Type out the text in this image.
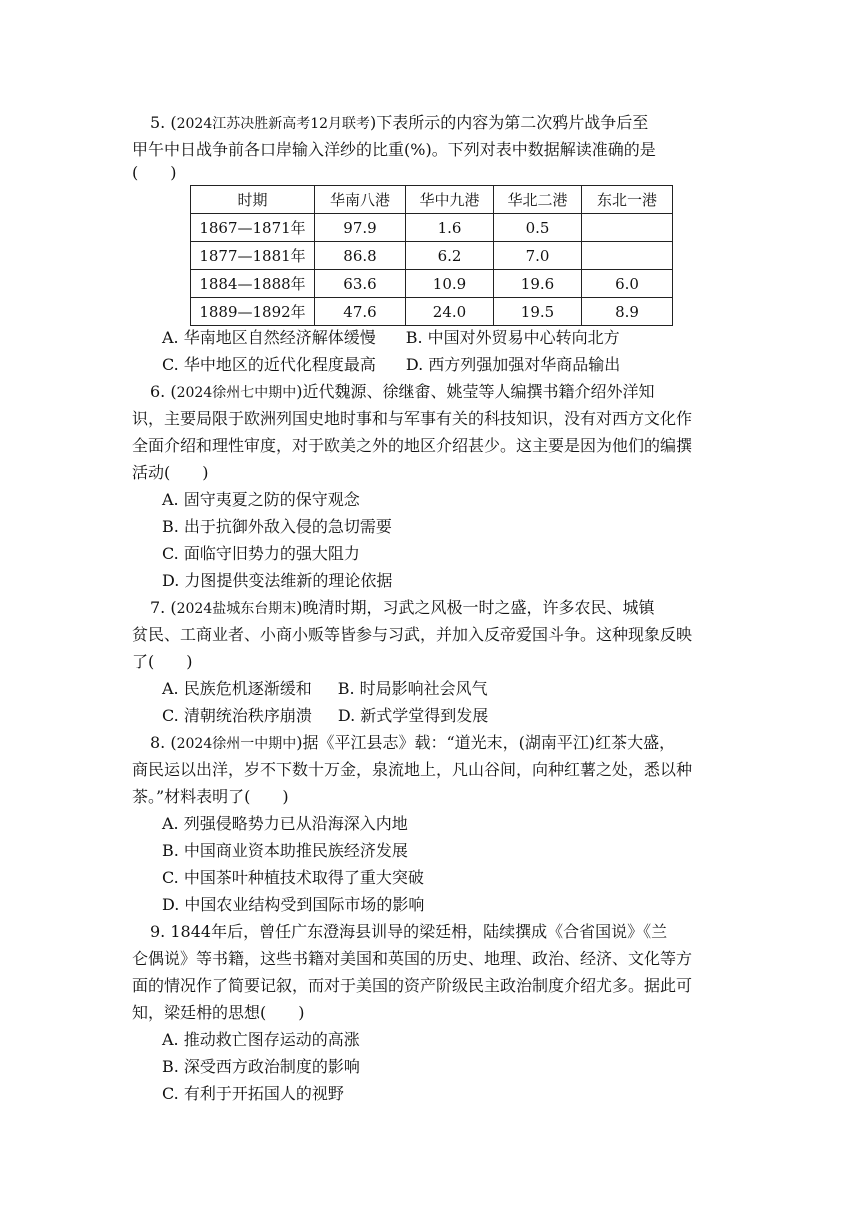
5. (2024江苏决胜新高考12月联考)下表所示的内容为第二次鸦片战争后至
甲午中日战争前各口岸输入洋纱的比重(%)。下列对表中数据解读准确的是
(　　)
时期	华南八港	华中九港	华北二港	东北一港
1867—1871年	97.9	1.6	0.5	
1877—1881年	86.8	6.2	7.0	
1884—1888年	63.6	10.9	19.6	6.0
1889—1892年	47.6	24.0	19.5	8.9
A. 华南地区自然经济解体缓慢 B. 中国对外贸易中心转向北方
C. 华中地区的近代化程度最高 D. 西方列强加强对华商品输出
6. (2024徐州七中期中)近代魏源、徐继畬、姚莹等人编撰书籍介绍外洋知
识，主要局限于欧洲列国史地时事和与军事有关的科技知识，没有对西方文化作
全面介绍和理性审度，对于欧美之外的地区介绍甚少。这主要是因为他们的编撰
活动(　　)
A. 固守夷夏之防的保守观念
B. 出于抗御外敌入侵的急切需要
C. 面临守旧势力的强大阻力
D. 力图提供变法维新的理论依据
7. (2024盐城东台期末)晚清时期，习武之风极一时之盛，许多农民、城镇
贫民、工商业者、小商小贩等皆参与习武，并加入反帝爱国斗争。这种现象反映
了(　　)
A. 民族危机逐渐缓和 B. 时局影响社会风气
C. 清朝统治秩序崩溃 D. 新式学堂得到发展
8. (2024徐州一中期中)据《平江县志》载：“道光末，(湖南平江)红茶大盛，
商民运以出洋，岁不下数十万金，泉流地上，凡山谷间，向种红薯之处，悉以种
茶。”材料表明了(　　)
A. 列强侵略势力已从沿海深入内地
B. 中国商业资本助推民族经济发展
C. 中国茶叶种植技术取得了重大突破
D. 中国农业结构受到国际市场的影响
9. 1844年后，曾任广东澄海县训导的梁廷枏，陆续撰成《合省国说》《兰
仑偶说》等书籍，这些书籍对美国和英国的历史、地理、政治、经济、文化等方
面的情况作了简要记叙，而对于美国的资产阶级民主政治制度介绍尤多。据此可
知，梁廷枏的思想(　　)
A. 推动救亡图存运动的高涨
B. 深受西方政治制度的影响
C. 有利于开拓国人的视野
